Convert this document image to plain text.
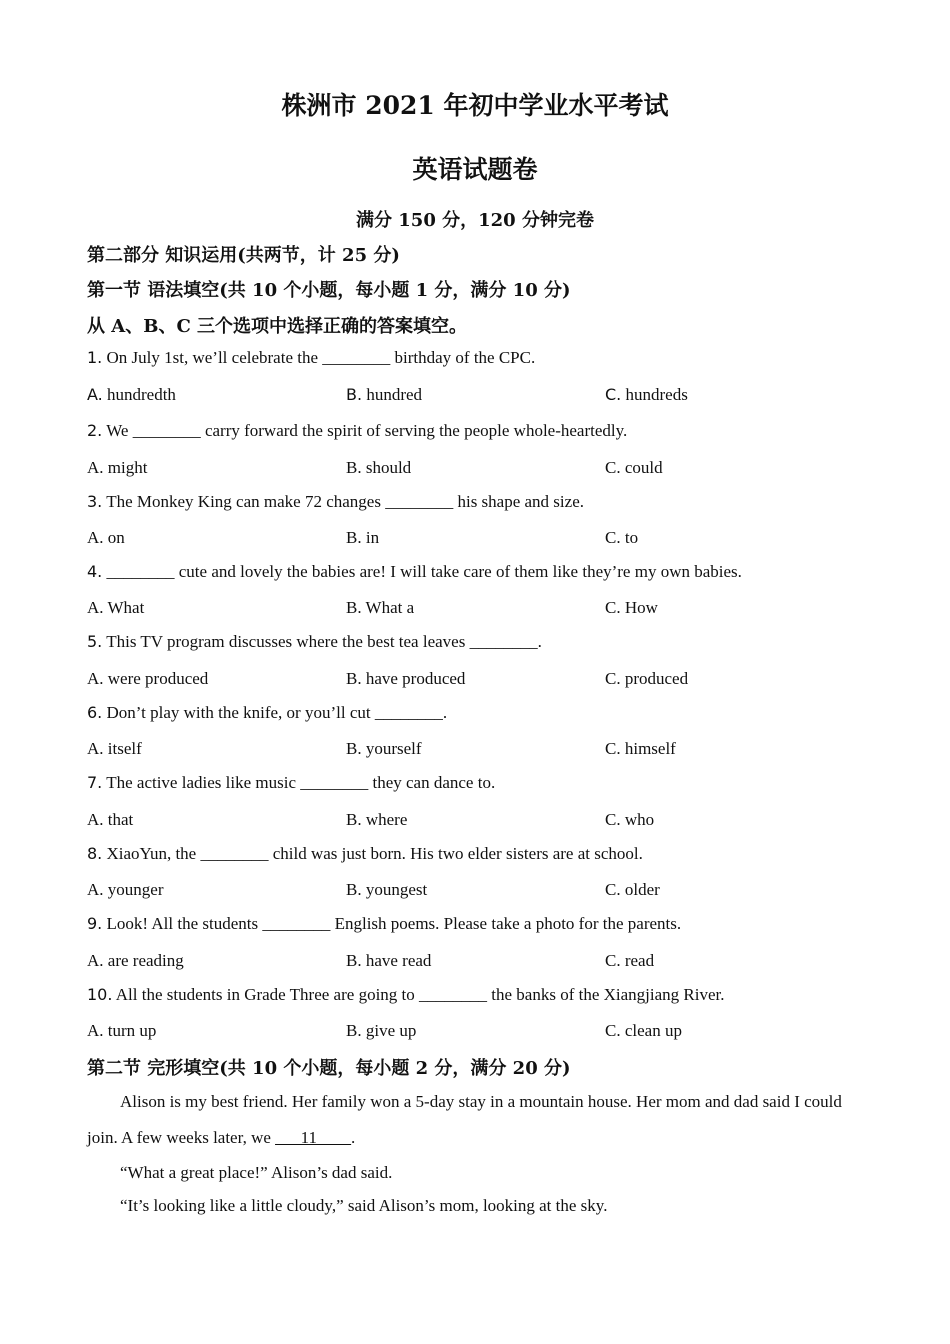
株洲市 2021 年初中学业水平考试
英语试题卷
满分 150 分，120 分钟完卷
第二部分 知识运用(共两节，计 25 分)
第一节 语法填空(共 10 个小题，每小题 1 分，满分 10 分)
从 A、B、C 三个选项中选择正确的答案填空。
1. On July 1st, we’ll celebrate the ________ birthday of the CPC.
A. hundredth	B. hundred	C. hundreds
2. We ________ carry forward the spirit of serving the people whole-heartedly.
A. might	B. should	C. could
3. The Monkey King can make 72 changes ________ his shape and size.
A. on	B. in	C. to
4. ________ cute and lovely the babies are! I will take care of them like they’re my own babies.
A. What	B. What a	C. How
5. This TV program discusses where the best tea leaves ________.
A. were produced	B. have produced	C. produced
6. Don’t play with the knife, or you’ll cut ________.
A. itself	B. yourself	C. himself
7. The active ladies like music ________ they can dance to.
A. that	B. where	C. who
8. XiaoYun, the ________ child was just born. His two elder sisters are at school.
A. younger	B. youngest	C. older
9. Look! All the students ________ English poems. Please take a photo for the parents.
A. are reading	B. have read	C. read
10. All the students in Grade Three are going to ________ the banks of the Xiangjiang River.
A. turn up	B. give up	C. clean up
第二节 完形填空(共 10 个小题，每小题 2 分，满分 20 分)
Alison is my best friend. Her family won a 5-day stay in a mountain house. Her mom and dad said I could
join. A few weeks later, we ___11____.
“What a great place!” Alison’s dad said.
“It’s looking like a little cloudy,” said Alison’s mom, looking at the sky.
